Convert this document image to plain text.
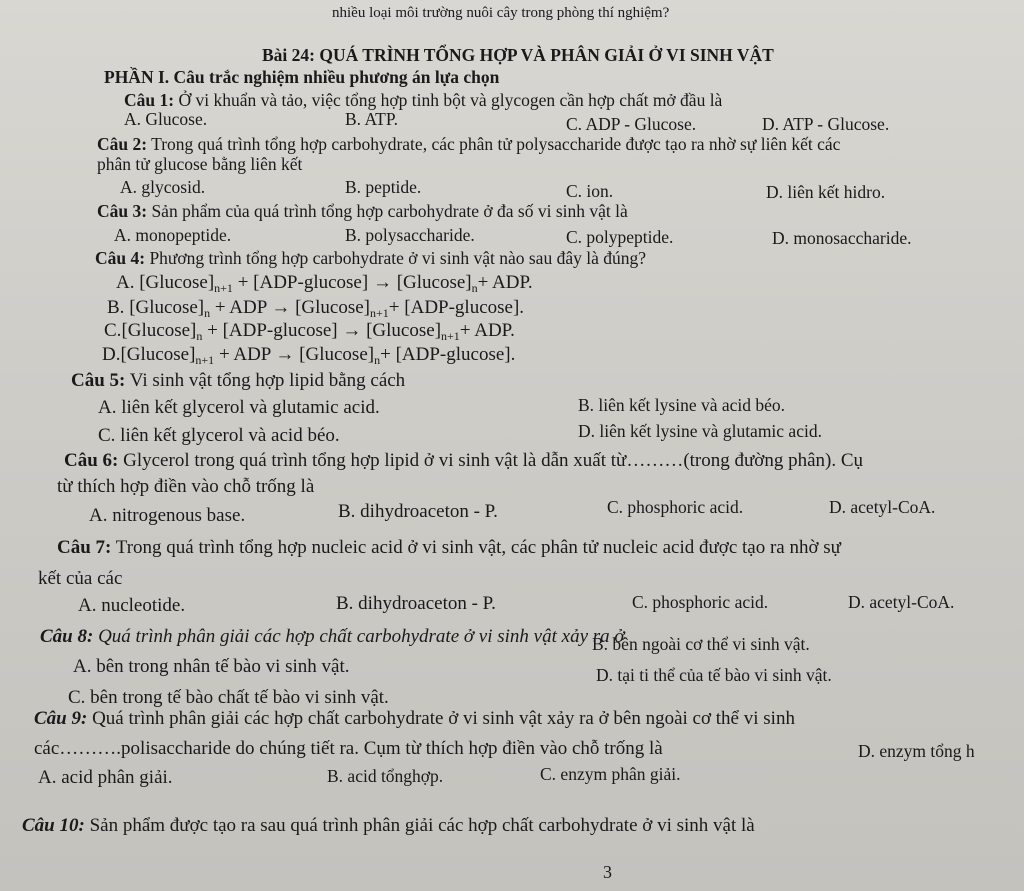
nhiều loại môi trường nuôi cây trong phòng thí nghiệm?
Bài 24: QUÁ TRÌNH TỔNG HỢP VÀ PHÂN GIẢI Ở VI SINH VẬT
PHẦN I. Câu trắc nghiệm nhiều phương án lựa chọn
Câu 1: Ở vi khuẩn và tảo, việc tổng hợp tinh bột và glycogen cần hợp chất mở đầu là
A. Glucose.	B. ATP.	C. ADP - Glucose.	D. ATP - Glucose.
Câu 2: Trong quá trình tổng hợp carbohydrate, các phân tử polysaccharide được tạo ra nhờ sự liên kết các
phân tử glucose bằng liên kết
A. glycosid.	B. peptide.	C. ion.	D. liên kết hidro.
Câu 3: Sản phẩm của quá trình tổng hợp carbohydrate ở đa số vi sinh vật là
A. monopeptide.	B. polysaccharide.	C. polypeptide.	D. monosaccharide.
Câu 4: Phương trình tổng hợp carbohydrate ở vi sinh vật nào sau đây là đúng?
A. $[Glucose]_{n+1} + [ADP-glucose] \to [Glucose]_n+$ ADP.
B. $[Glucose]_n$ + ADP → $[Glucose]_{n+1}+ [ADP-glucose]$.
$C.[Glucose]_n + [ADP-glucose] \to [Glucose]_{n+1}+$ ADP.
$D.[Glucose]_{n+1}$ + ADP → $[Glucose]_n+ [ADP-glucose]$.
Câu 5: Vi sinh vật tổng hợp lipid bằng cách
A. liên kết glycerol và glutamic acid.	B. liên kết lysine và acid béo.
C. liên kết glycerol và acid béo.	D. liên kết lysine và glutamic acid.
Câu 6: Glycerol trong quá trình tổng hợp lipid ở vi sinh vật là dẫn xuất từ………(trong đường phân). Cụ
từ thích hợp điền vào chỗ trống là
A. nitrogenous base.	B. dihydroaceton - P.	C. phosphoric acid.	D. acetyl-CoA.
Câu 7: Trong quá trình tổng hợp nucleic acid ở vi sinh vật, các phân tử nucleic acid được tạo ra nhờ sự
kết của các
A. nucleotide.	B. dihydroaceton - P.	C. phosphoric acid.	D. acetyl-CoA.
Câu 8: Quá trình phân giải các hợp chất carbohydrate ở vi sinh vật xảy ra ở
A. bên trong nhân tế bào vi sinh vật.
B. bên ngoài cơ thể vi sinh vật.
C. bên trong tế bào chất tế bào vi sinh vật.
D. tại ti thể của tế bào vi sinh vật.
Câu 9: Quá trình phân giải các hợp chất carbohydrate ở vi sinh vật xảy ra ở bên ngoài cơ thể vi sinh
các……….polisaccharide do chúng tiết ra. Cụm từ thích hợp điền vào chỗ trống là
A. acid phân giải.	B. acid tổnghợp.	C. enzym phân giải.
D. enzym tổng h
Câu 10: Sản phẩm được tạo ra sau quá trình phân giải các hợp chất carbohydrate ở vi sinh vật là
3
